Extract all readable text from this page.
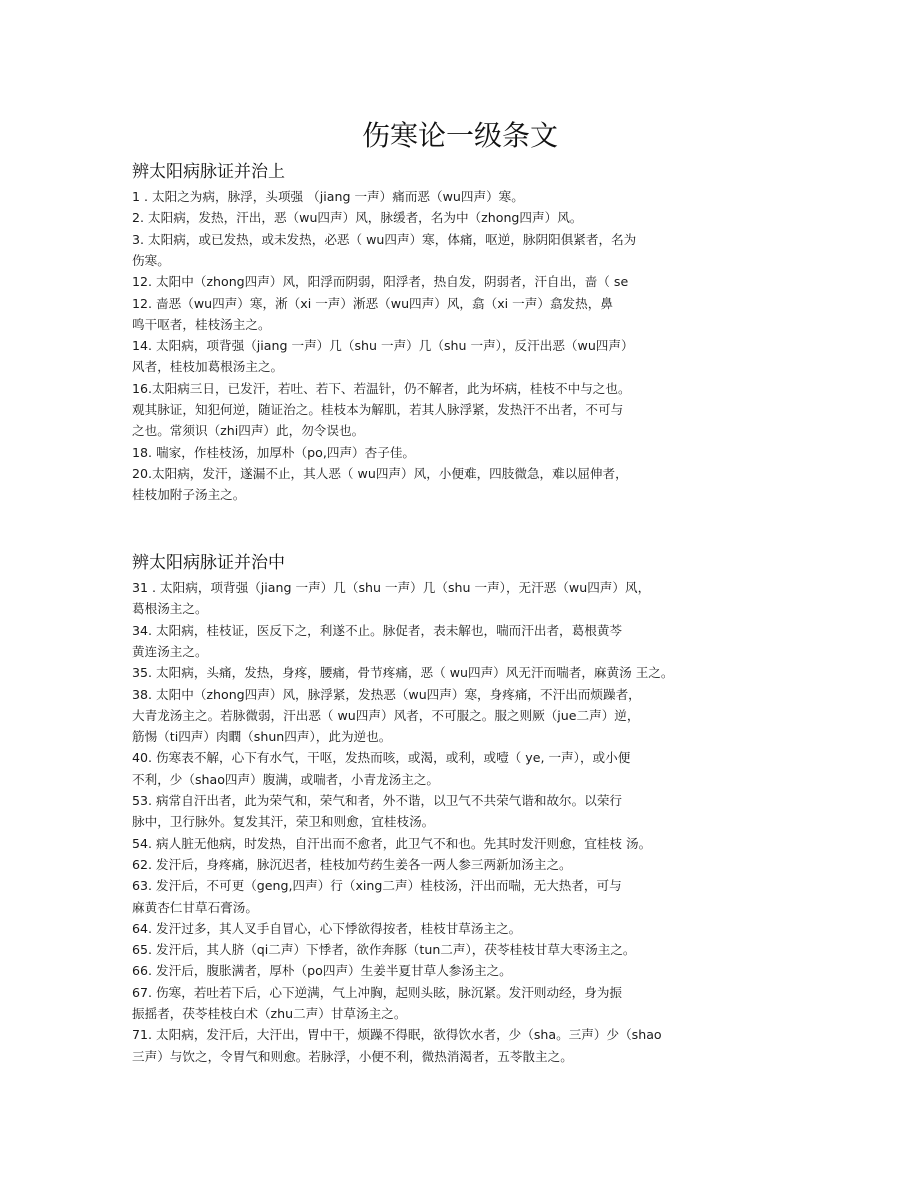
伤寒论一级条文
辨太阳病脉证并治上
1 . 太阳之为病，脉浮，头项强 （jiang 一声）痛而恶（wu四声）寒。
2. 太阳病，发热，汗出，恶（wu四声）风，脉缓者，名为中（zhong四声）风。
3. 太阳病，或已发热，或未发热，必恶（ wu四声）寒，体痛，呕逆，脉阴阳俱紧者，名为
伤寒。
12. 太阳中（zhong四声）风，阳浮而阴弱，阳浮者，热自发，阴弱者，汗自出，啬（ se
12. 啬恶（wu四声）寒，淅（xi 一声）淅恶（wu四声）风，翕（xi 一声）翕发热，鼻
鸣干呕者，桂枝汤主之。
14. 太阳病，项背强（jiang 一声）几（shu 一声）几（shu 一声），反汗出恶（wu四声）
风者，桂枝加葛根汤主之。
16.太阳病三日，已发汗，若吐、若下、若温针，仍不解者，此为坏病，桂枝不中与之也。
观其脉证，知犯何逆，随证治之。桂枝本为解肌，若其人脉浮紧，发热汗不出者，不可与
之也。常须识（zhi四声）此，勿令误也。
18. 喘家，作桂枝汤，加厚朴（po,四声）杏子佳。
20.太阳病，发汗，遂漏不止，其人恶（ wu四声）风，小便难，四肢微急，难以屈伸者，
桂枝加附子汤主之。
辨太阳病脉证并治中
31 . 太阳病，项背强（jiang 一声）几（shu 一声）几（shu 一声），无汗恶（wu四声）风，
葛根汤主之。
34. 太阳病，桂枝证，医反下之，利遂不止。脉促者，表未解也，喘而汗出者，葛根黄芩
黄连汤主之。
35. 太阳病，头痛，发热，身疼，腰痛，骨节疼痛，恶（ wu四声）风无汗而喘者，麻黄汤 王之。
38. 太阳中（zhong四声）风，脉浮紧，发热恶（wu四声）寒，身疼痛，不汗出而烦躁者，
大青龙汤主之。若脉微弱，汗出恶（ wu四声）风者，不可服之。服之则厥（jue二声）逆，
筋惕（ti四声）肉瞤（shun四声），此为逆也。
40. 伤寒表不解，心下有水气，干呕，发热而咳，或渴，或利，或噎（ ye, 一声），或小便
不利，少（shao四声）腹满，或喘者，小青龙汤主之。
53. 病常自汗出者，此为荣气和，荣气和者，外不谐，以卫气不共荣气谐和故尔。以荣行
脉中，卫行脉外。复发其汗，荣卫和则愈，宜桂枝汤。
54. 病人脏无他病，时发热，自汗出而不愈者，此卫气不和也。先其时发汗则愈，宜桂枝 汤。
62. 发汗后，身疼痛，脉沉迟者，桂枝加芍药生姜各一两人参三两新加汤主之。
63. 发汗后，不可更（geng,四声）行（xing二声）桂枝汤，汗出而喘，无大热者，可与
麻黄杏仁甘草石膏汤。
64. 发汗过多，其人叉手自冒心，心下悸欲得按者，桂枝甘草汤主之。
65. 发汗后，其人脐（qi二声）下悸者，欲作奔豚（tun二声），茯苓桂枝甘草大枣汤主之。
66. 发汗后，腹胀满者，厚朴（po四声）生姜半夏甘草人参汤主之。
67. 伤寒，若吐若下后，心下逆满，气上冲胸，起则头眩，脉沉紧。发汗则动经，身为振
振摇者，茯苓桂枝白术（zhu二声）甘草汤主之。
71. 太阳病，发汗后，大汗出，胃中干，烦躁不得眠，欲得饮水者，少（sha。三声）少（shao
三声）与饮之，令胃气和则愈。若脉浮，小便不利，微热消渴者，五苓散主之。
